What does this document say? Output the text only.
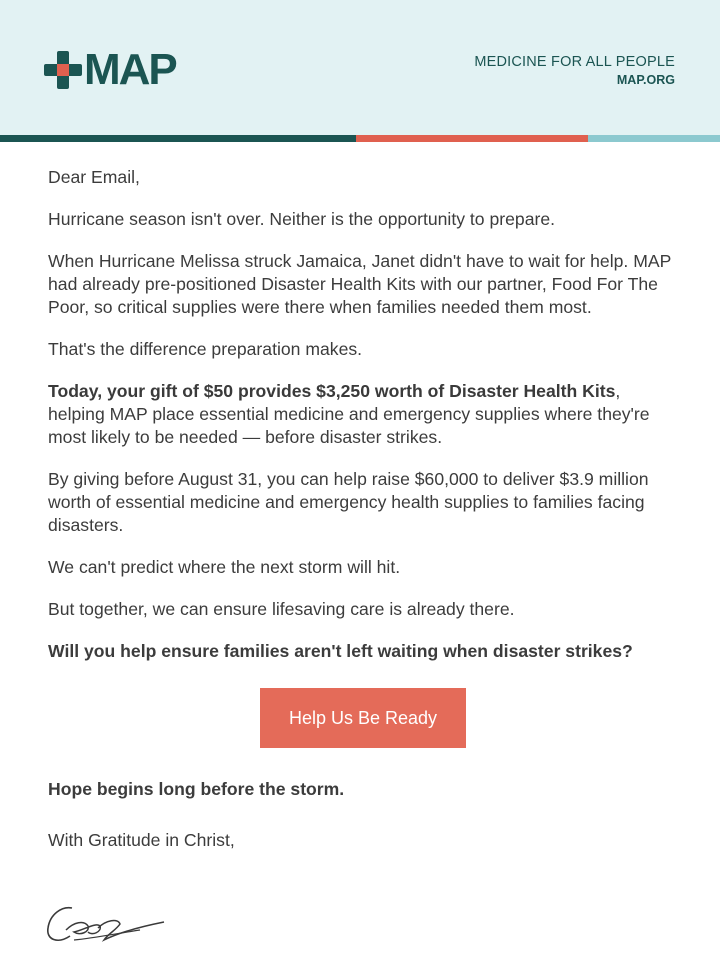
MAP	MEDICINE FOR ALL PEOPLE
MAP.ORG

Dear Email,

Hurricane season isn't over. Neither is the opportunity to prepare.

When Hurricane Melissa struck Jamaica, Janet didn't have to wait for help. MAP had already pre-positioned Disaster Health Kits with our partner, Food For The Poor, so critical supplies were there when families needed them most.

That's the difference preparation makes.

Today, your gift of $50 provides $3,250 worth of Disaster Health Kits, helping MAP place essential medicine and emergency supplies where they're most likely to be needed — before disaster strikes.

By giving before August 31, you can help raise $60,000 to deliver $3.9 million worth of essential medicine and emergency health supplies to families facing disasters.

We can't predict where the next storm will hit.

But together, we can ensure lifesaving care is already there.

Will you help ensure families aren't left waiting when disaster strikes?

Help Us Be Ready

Hope begins long before the storm.

With Gratitude in Christ,
